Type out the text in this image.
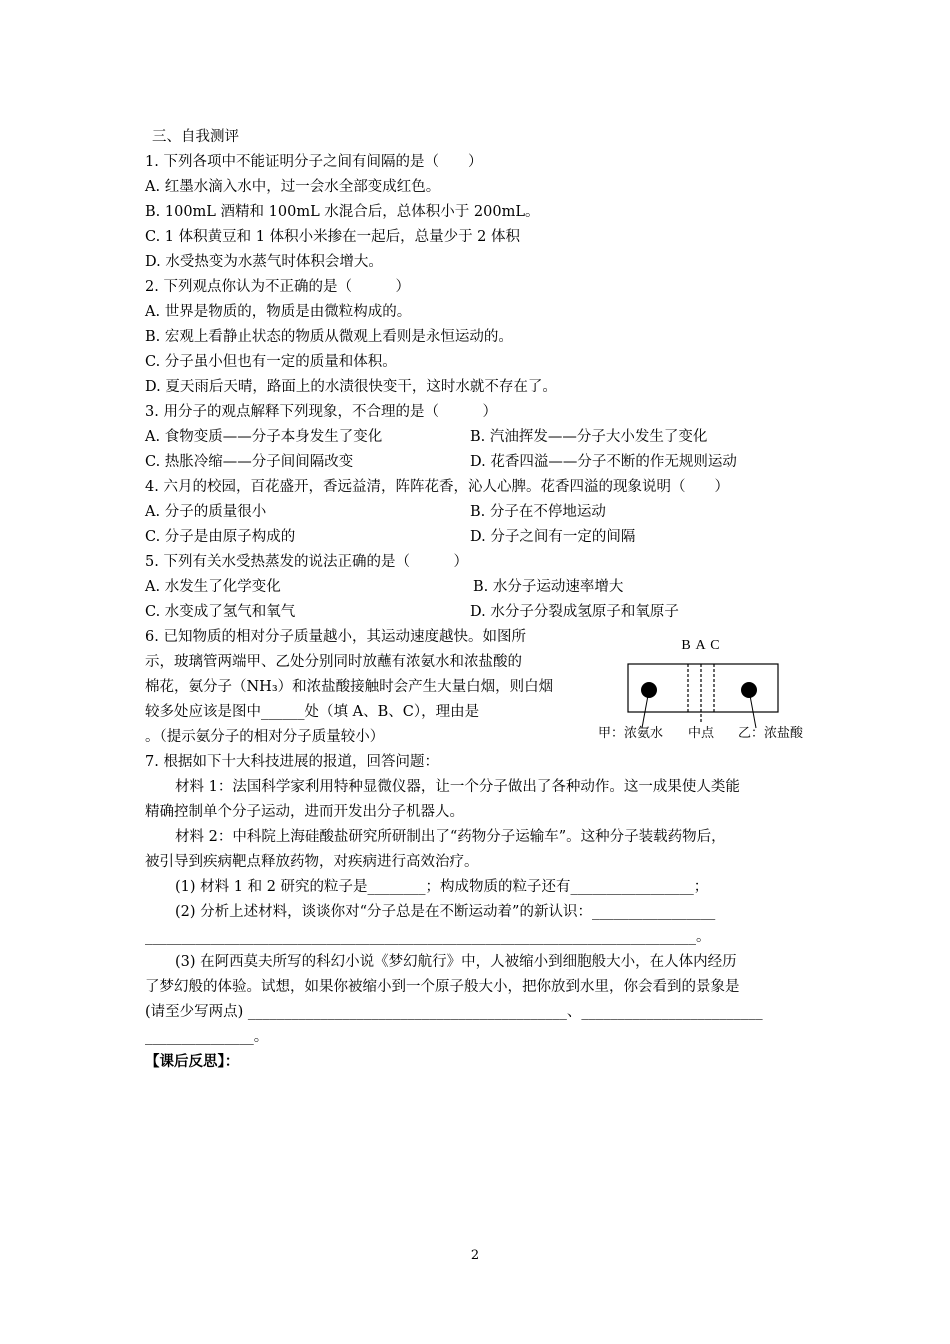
三、自我测评
1. 下列各项中不能证明分子之间有间隔的是（　　）
A. 红墨水滴入水中，过一会水全部变成红色。
B. 100mL 酒精和 100mL 水混合后，总体积小于 200mL。
C. 1 体积黄豆和 1 体积小米掺在一起后，总量少于 2 体积
D. 水受热变为水蒸气时体积会增大。
2. 下列观点你认为不正确的是（　　　）
A. 世界是物质的，物质是由微粒构成的。
B. 宏观上看静止状态的物质从微观上看则是永恒运动的。
C. 分子虽小但也有一定的质量和体积。
D. 夏天雨后天晴，路面上的水渍很快变干，这时水就不存在了。
3. 用分子的观点解释下列现象，不合理的是（　　　）
A. 食物变质——分子本身发生了变化	B. 汽油挥发——分子大小发生了变化
C. 热胀冷缩——分子间间隔改变	D. 花香四溢——分子不断的作无规则运动
4. 六月的校园，百花盛开，香远益清，阵阵花香，沁人心脾。花香四溢的现象说明（　　）
A. 分子的质量很小	B. 分子在不停地运动
C. 分子是由原子构成的	D. 分子之间有一定的间隔
5. 下列有关水受热蒸发的说法正确的是（　　　）
A. 水发生了化学变化	B. 水分子运动速率增大
C. 水变成了氢气和氧气	D. 水分子分裂成氢原子和氧原子
6. 已知物质的相对分子质量越小，其运动速度越快。如图所
示，玻璃管两端甲、乙处分别同时放蘸有浓氨水和浓盐酸的
棉花，氨分子（NH₃）和浓盐酸接触时会产生大量白烟，则白烟
较多处应该是图中______处（填 A、B、C），理由是
。（提示氨分子的相对分子质量较小）
B A C
甲：浓氨水 中点 乙：浓盐酸
7. 根据如下十大科技进展的报道，回答问题：
材料 1：法国科学家利用特种显微仪器，让一个分子做出了各种动作。这一成果使人类能
精确控制单个分子运动，进而开发出分子机器人。
材料 2：中科院上海硅酸盐研究所研制出了“药物分子运输车”。这种分子装载药物后，
被引导到疾病靶点释放药物，对疾病进行高效治疗。
(1) 材料 1 和 2 研究的粒子是________；构成物质的粒子还有_________________；
(2) 分析上述材料，谈谈你对“分子总是在不断运动着”的新认识：_________________
____________________________________________________________________________。
(3) 在阿西莫夫所写的科幻小说《梦幻航行》中，人被缩小到细胞般大小，在人体内经历
了梦幻般的体验。试想，如果你被缩小到一个原子般大小，把你放到水里，你会看到的景象是
(请至少写两点) ____________________________________________、_________________________
_______________。
【课后反思】：
2
